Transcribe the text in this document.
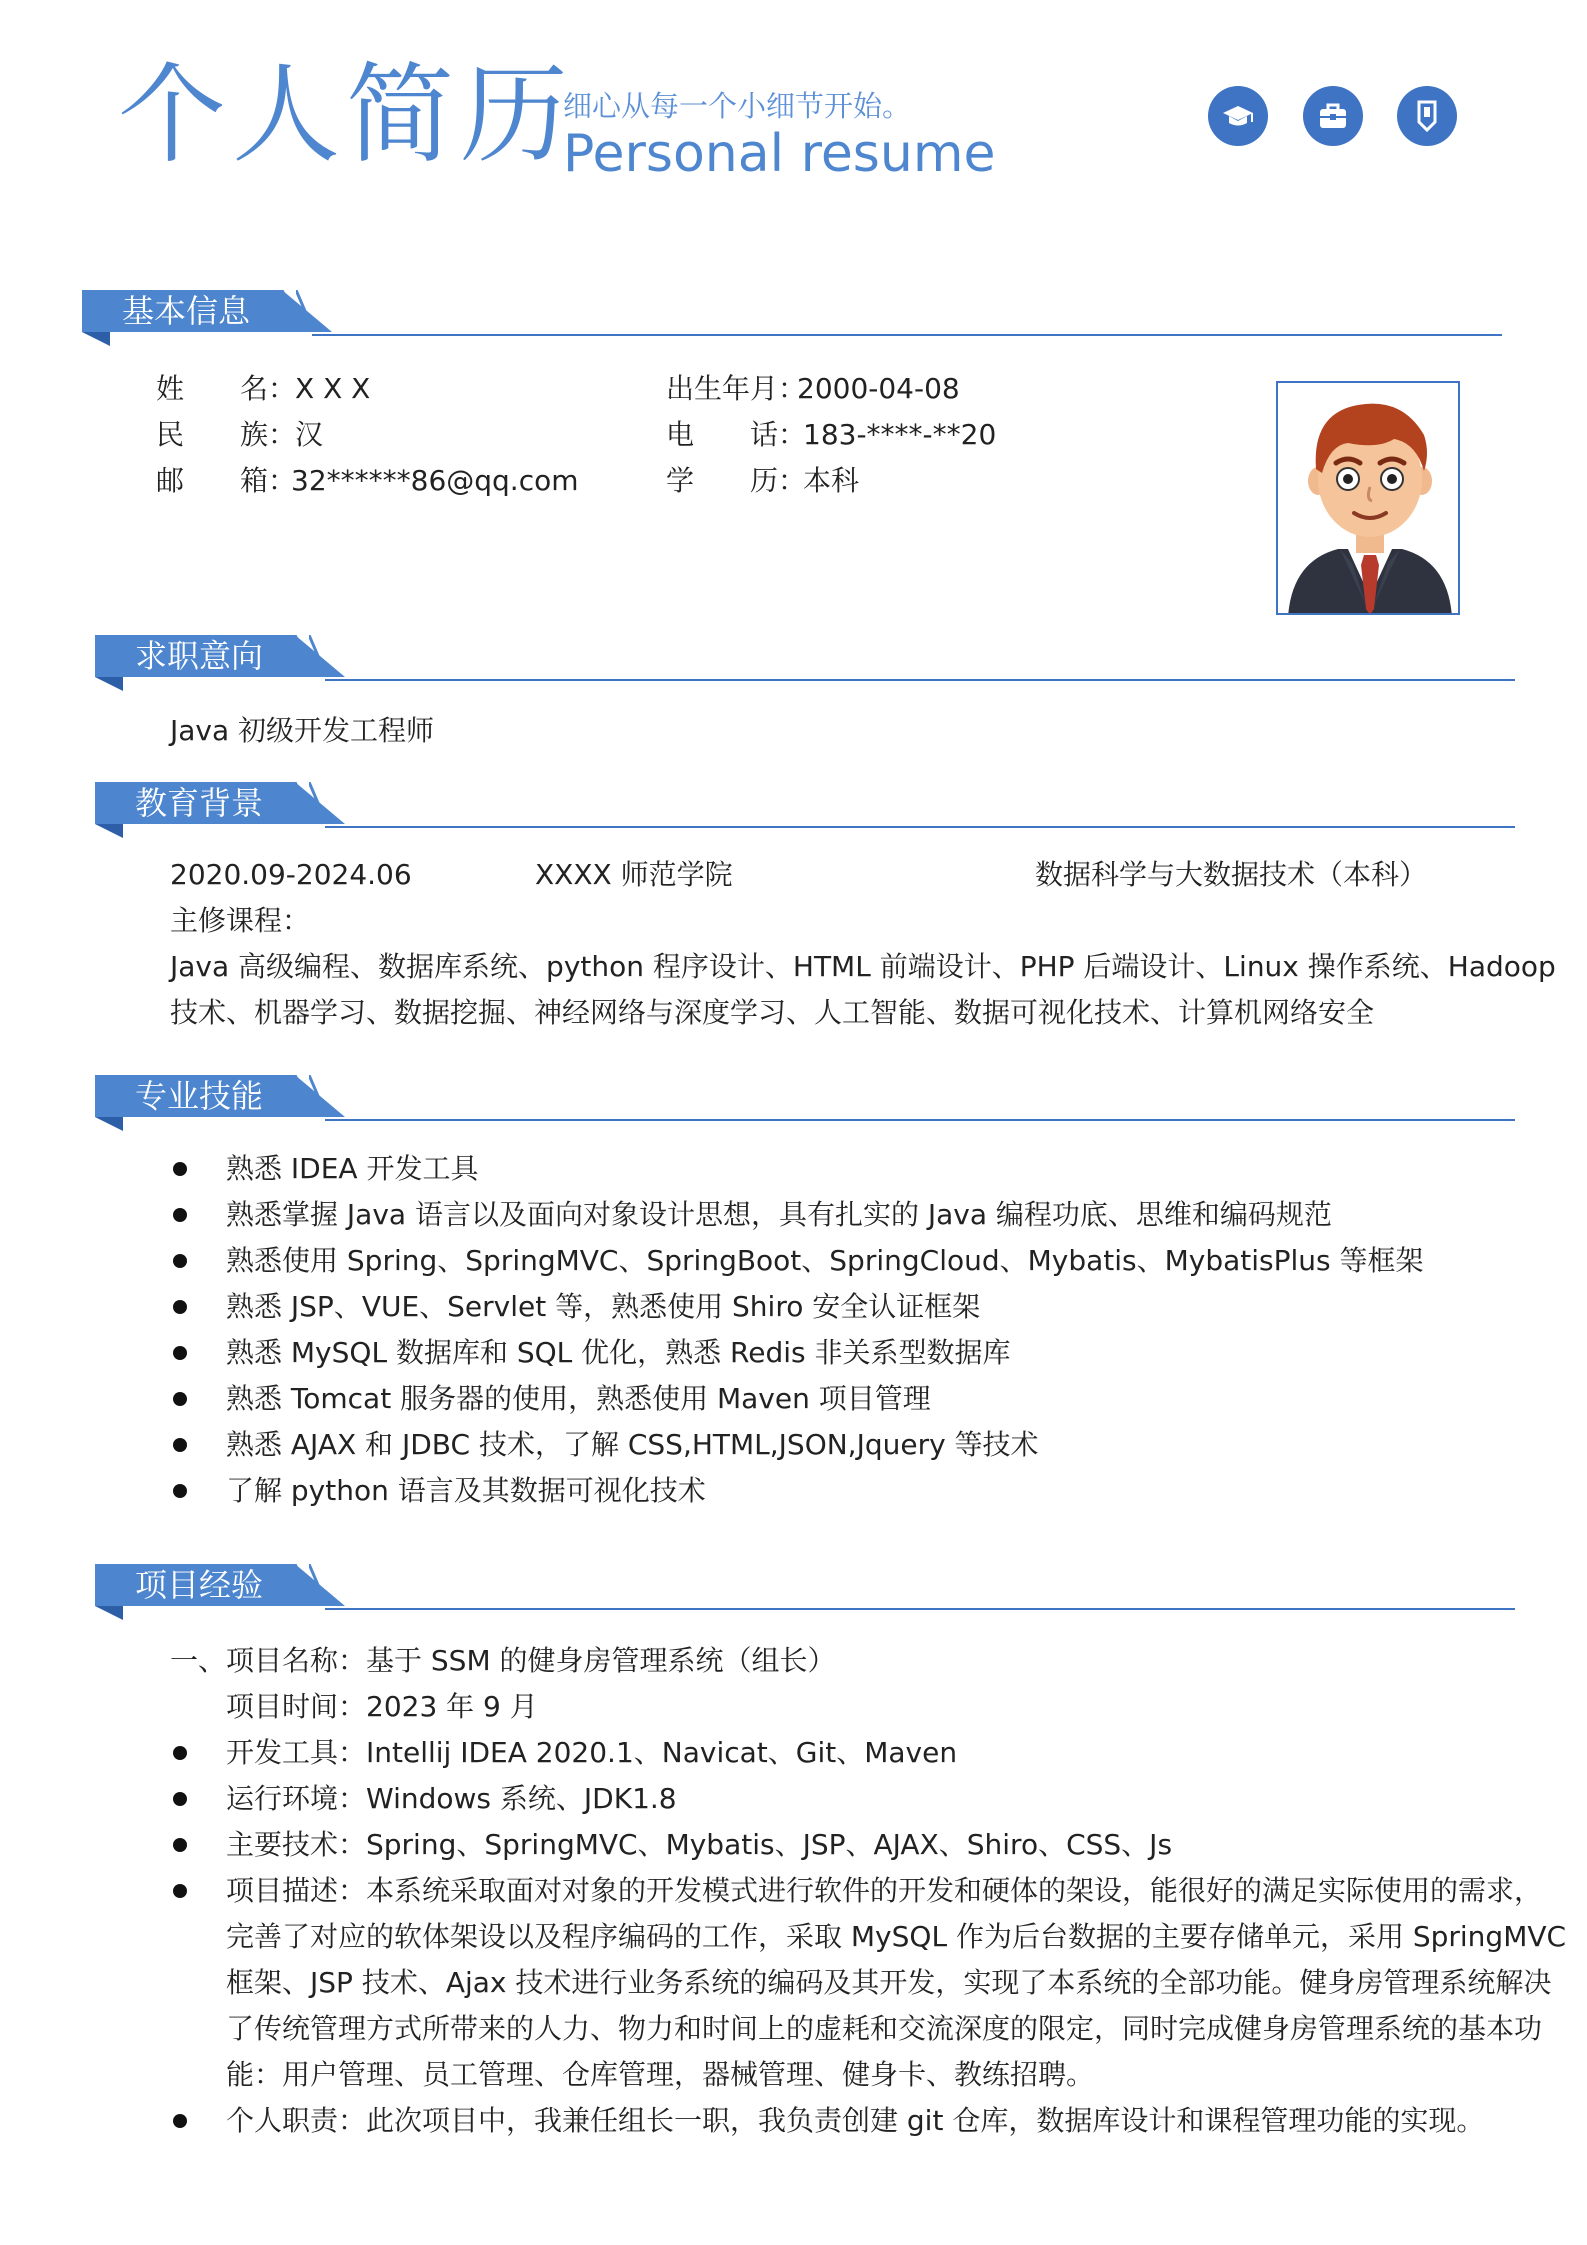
个人简历
细心从每一个小细节开始。
Personal resume
基本信息
姓　　名：
X X X
民　　族：
汉
邮　　箱：
32******86@qq.com
出生年月：
2000-04-08
电　　话：
183-****-**20
学　　历：
本科
求职意向
Java 初级开发工程师
教育背景
2020.09-2024.06	XXXX 师范学院	数据科学与大数据技术（本科）
主修课程：
Java 高级编程、数据库系统、python 程序设计、HTML 前端设计、PHP 后端设计、Linux 操作系统、Hadoop
技术、机器学习、数据挖掘、神经网络与深度学习、人工智能、数据可视化技术、计算机网络安全
专业技能
熟悉 IDEA 开发工具
熟悉掌握 Java 语言以及面向对象设计思想，具有扎实的 Java 编程功底、思维和编码规范
熟悉使用 Spring、SpringMVC、SpringBoot、SpringCloud、Mybatis、MybatisPlus 等框架
熟悉 JSP、VUE、Servlet 等，熟悉使用 Shiro 安全认证框架
熟悉 MySQL 数据库和 SQL 优化，熟悉 Redis 非关系型数据库
熟悉 Tomcat 服务器的使用，熟悉使用 Maven 项目管理
熟悉 AJAX 和 JDBC 技术，了解 CSS,HTML,JSON,Jquery 等技术
了解 python 语言及其数据可视化技术
项目经验
一、项目名称：基于 SSM 的健身房管理系统（组长）
项目时间：2023 年 9 月
开发工具：Intellij IDEA 2020.1、Navicat、Git、Maven
运行环境：Windows 系统、JDK1.8
主要技术：Spring、SpringMVC、Mybatis、JSP、AJAX、Shiro、CSS、Js
项目描述：本系统采取面对对象的开发模式进行软件的开发和硬体的架设，能很好的满足实际使用的需求，
完善了对应的软体架设以及程序编码的工作，采取 MySQL 作为后台数据的主要存储单元，采用 SpringMVC
框架、JSP 技术、Ajax 技术进行业务系统的编码及其开发，实现了本系统的全部功能。健身房管理系统解决
了传统管理方式所带来的人力、物力和时间上的虚耗和交流深度的限定，同时完成健身房管理系统的基本功
能：用户管理、员工管理、仓库管理，器械管理、健身卡、教练招聘。
个人职责：此次项目中，我兼任组长一职，我负责创建 git 仓库，数据库设计和课程管理功能的实现。
